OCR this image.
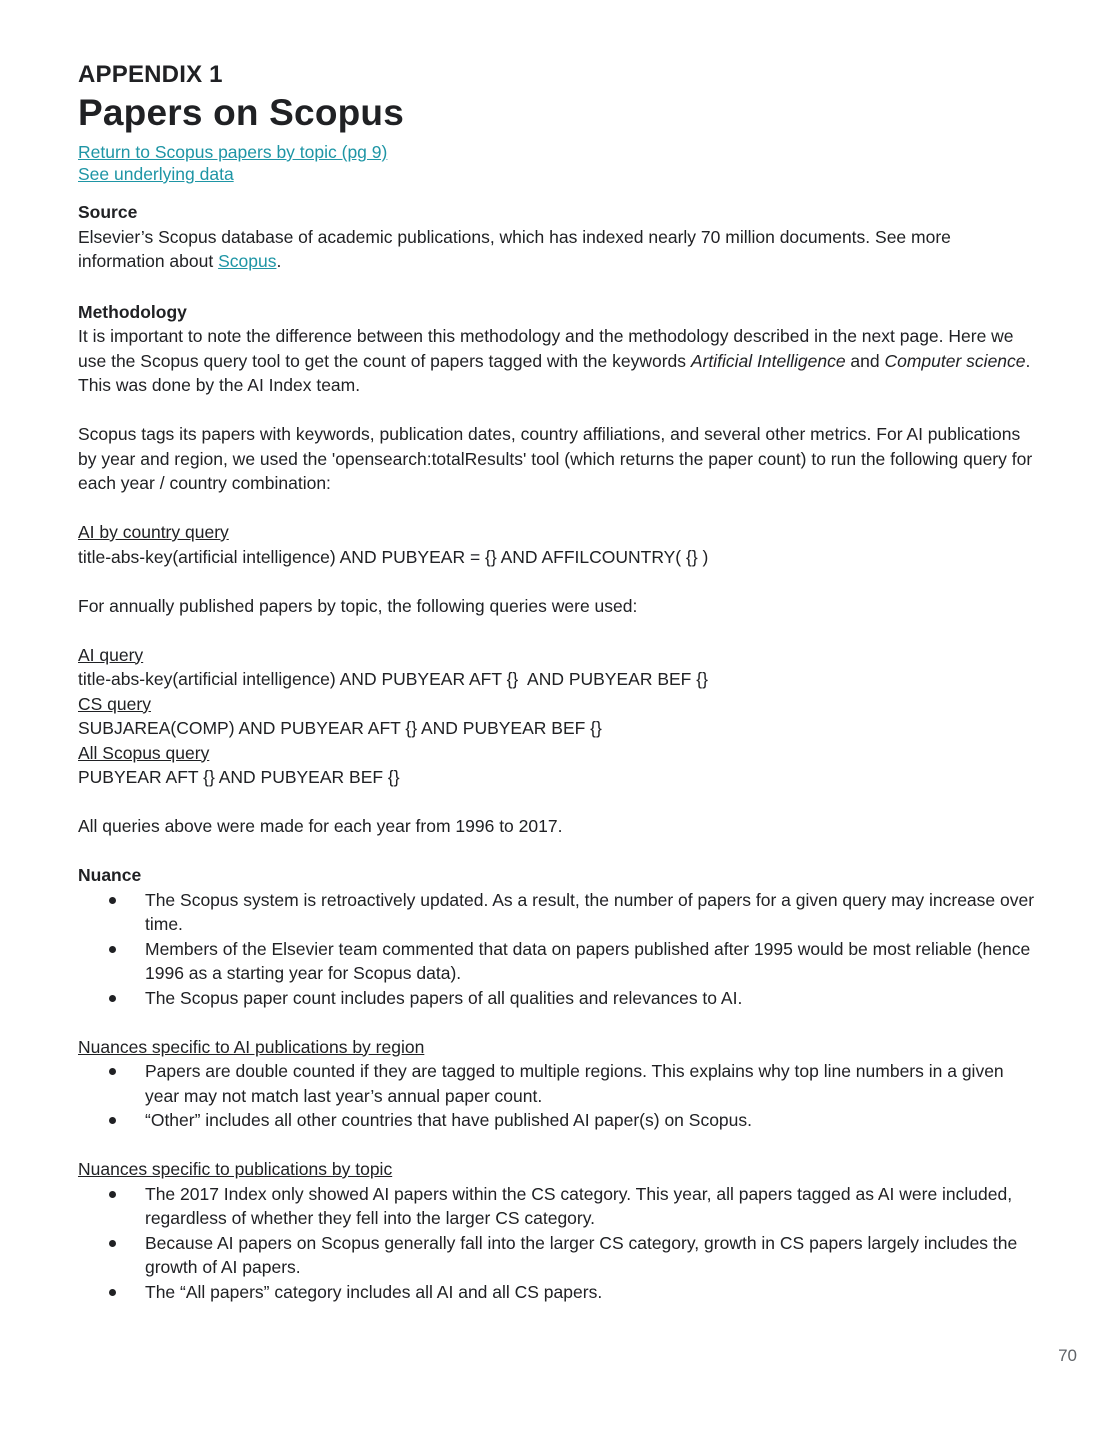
APPENDIX 1
Papers on Scopus
Return to Scopus papers by topic (pg 9)
See underlying data

Source

Elsevier’s Scopus database of academic publications, which has indexed nearly 70 million documents. See more information about Scopus.

Methodology

It is important to note the difference between this methodology and the methodology described in the next page. Here we use the Scopus query tool to get the count of papers tagged with the keywords Artificial Intelligence and Computer science. This was done by the AI Index team.

Scopus tags its papers with keywords, publication dates, country affiliations, and several other metrics. For AI publications by year and region, we used the 'opensearch:totalResults' tool (which returns the paper count) to run the following query for each year / country combination:

AI by country query

title-abs-key(artificial intelligence) AND PUBYEAR = {} AND AFFILCOUNTRY( {} )

For annually published papers by topic, the following queries were used:

AI query

title-abs-key(artificial intelligence) AND PUBYEAR AFT {}  AND PUBYEAR BEF {}

CS query

SUBJAREA(COMP) AND PUBYEAR AFT {} AND PUBYEAR BEF {}

All Scopus query

PUBYEAR AFT {} AND PUBYEAR BEF {}

All queries above were made for each year from 1996 to 2017.

Nuance

The Scopus system is retroactively updated. As a result, the number of papers for a given query may increase over time.
Members of the Elsevier team commented that data on papers published after 1995 would be most reliable (hence 1996 as a starting year for Scopus data).
The Scopus paper count includes papers of all qualities and relevances to AI.

Nuances specific to AI publications by region

Papers are double counted if they are tagged to multiple regions. This explains why top line numbers in a given year may not match last year’s annual paper count.
“Other” includes all other countries that have published AI paper(s) on Scopus.

Nuances specific to publications by topic

The 2017 Index only showed AI papers within the CS category. This year, all papers tagged as AI were included, regardless of whether they fell into the larger CS category.
Because AI papers on Scopus generally fall into the larger CS category, growth in CS papers largely includes the growth of AI papers.
The “All papers” category includes all AI and all CS papers.
70
